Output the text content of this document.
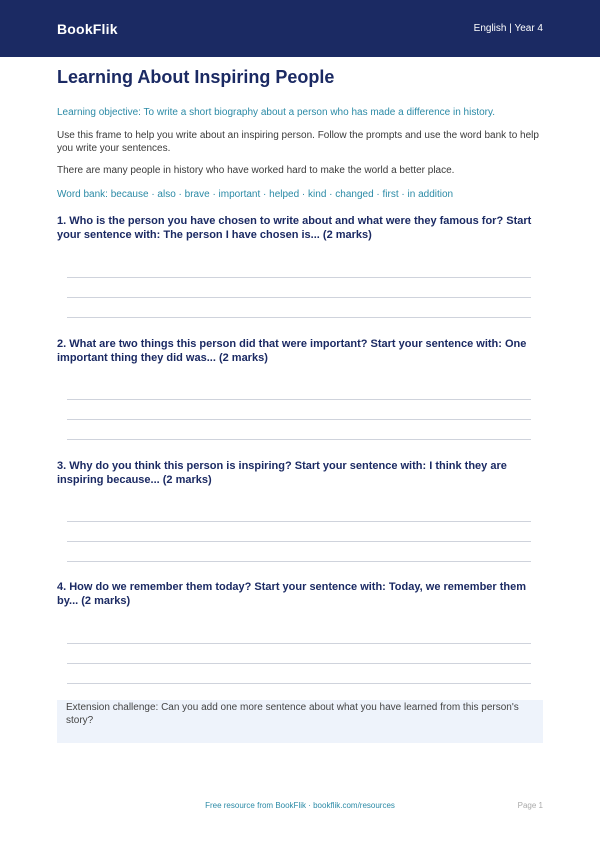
BookFlik	English | Year 4
Learning About Inspiring People
Learning objective: To write a short biography about a person who has made a difference in history.
Use this frame to help you write about an inspiring person. Follow the prompts and use the word bank to help you write your sentences.
There are many people in history who have worked hard to make the world a better place.
Word bank: because · also · brave · important · helped · kind · changed · first · in addition
1. Who is the person you have chosen to write about and what were they famous for? Start your sentence with: The person I have chosen is... (2 marks)
2. What are two things this person did that were important? Start your sentence with: One important thing they did was... (2 marks)
3. Why do you think this person is inspiring? Start your sentence with: I think they are inspiring because... (2 marks)
4. How do we remember them today? Start your sentence with: Today, we remember them by... (2 marks)
Extension challenge: Can you add one more sentence about what you have learned from this person's story?
Free resource from BookFlik · bookflik.com/resources	Page 1
